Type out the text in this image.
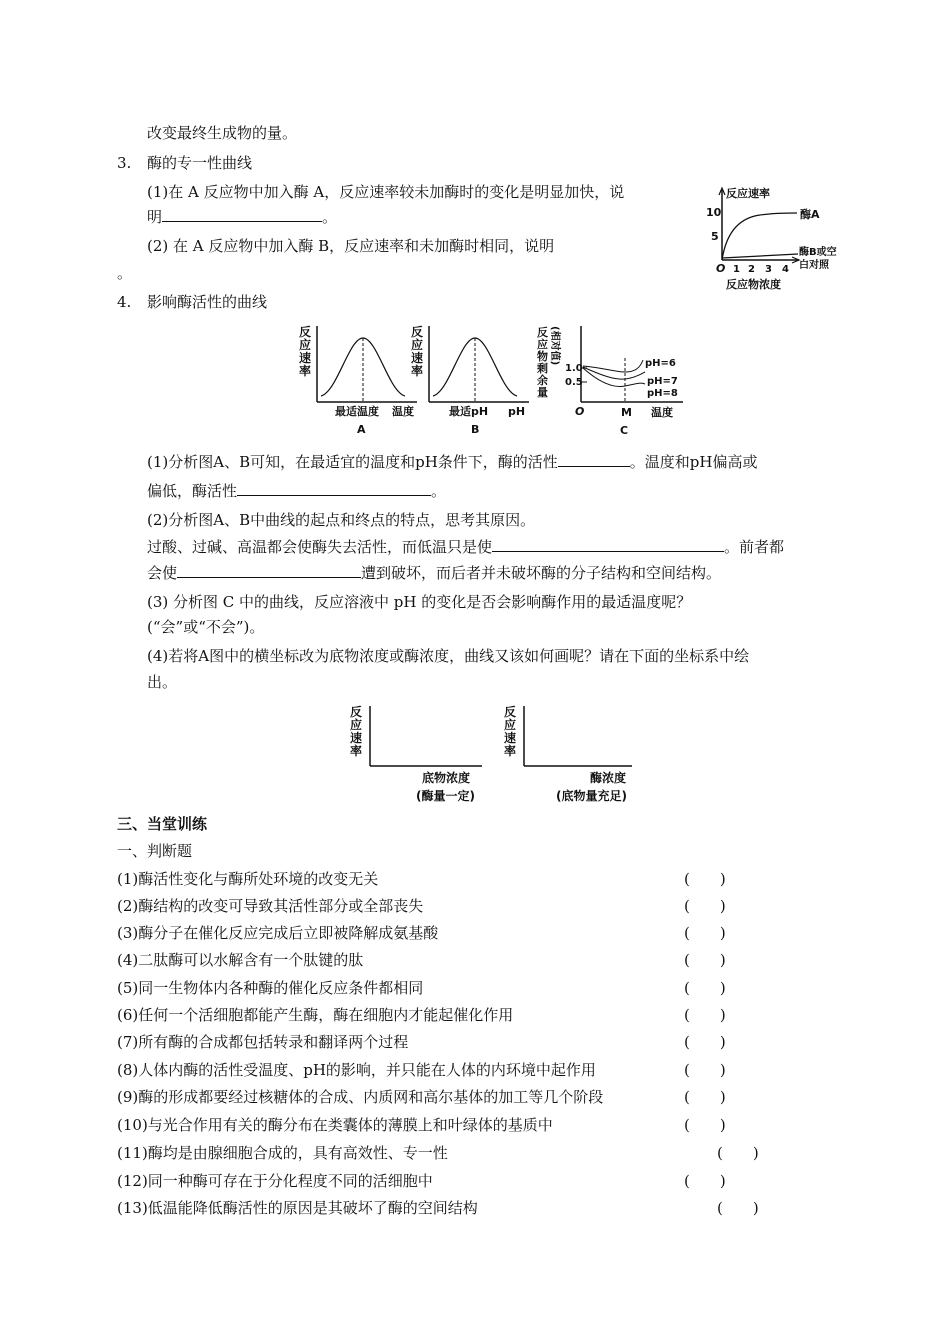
改变最终生成物的量。
3. 酶的专一性曲线
(1)在 A 反应物中加入酶 A，反应速率较未加酶时的变化是明显加快，说
明	。
(2) 在 A 反应物中加入酶 B，反应速率和未加酶时相同，说明
。
反应速率
10
5
O 1 2 3 4
酶A
酶B或空
白对照
反应物浓度
4. 影响酶活性的曲线
反
应
速
率
最适温度 温度
A
反
应
速
率
最适pH pH
B
反
应
物
剩
余
量
(相对值)
1.0
0.5
pH=6
pH=7
pH=8
O	M 温度
C
(1)分析图A、B可知，在最适宜的温度和pH条件下，酶的活性	。温度和pH偏高或
偏低，酶活性	。
(2)分析图A、B中曲线的起点和终点的特点，思考其原因。
过酸、过碱、高温都会使酶失去活性，而低温只是使	。前者都
会使	遭到破坏，而后者并未破坏酶的分子结构和空间结构。
(3) 分析图 C 中的曲线，反应溶液中 pH 的变化是否会影响酶作用的最适温度呢？
(“会”或“不会”)。
(4)若将A图中的横坐标改为底物浓度或酶浓度，曲线又该如何画呢？请在下面的坐标系中绘
出。
反
应
速
率
底物浓度
(酶量一定)
反
应
速
率
酶浓度
(底物量充足)
三、当堂训练
一、判断题
(1)酶活性变化与酶所处环境的改变无关	(　　)
(2)酶结构的改变可导致其活性部分或全部丧失	(　　)
(3)酶分子在催化反应完成后立即被降解成氨基酸	(　　)
(4)二肽酶可以水解含有一个肽键的肽	(　　)
(5)同一生物体内各种酶的催化反应条件都相同	(　　)
(6)任何一个活细胞都能产生酶，酶在细胞内才能起催化作用	(　　)
(7)所有酶的合成都包括转录和翻译两个过程	(　　)
(8)人体内酶的活性受温度、pH的影响，并只能在人体的内环境中起作用	(　　)
(9)酶的形成都要经过核糖体的合成、内质网和高尔基体的加工等几个阶段	(　　)
(10)与光合作用有关的酶分布在类囊体的薄膜上和叶绿体的基质中	(　　)
(11)酶均是由腺细胞合成的，具有高效性、专一性	(　　)
(12)同一种酶可存在于分化程度不同的活细胞中	(　　)
(13)低温能降低酶活性的原因是其破坏了酶的空间结构	(　　)
